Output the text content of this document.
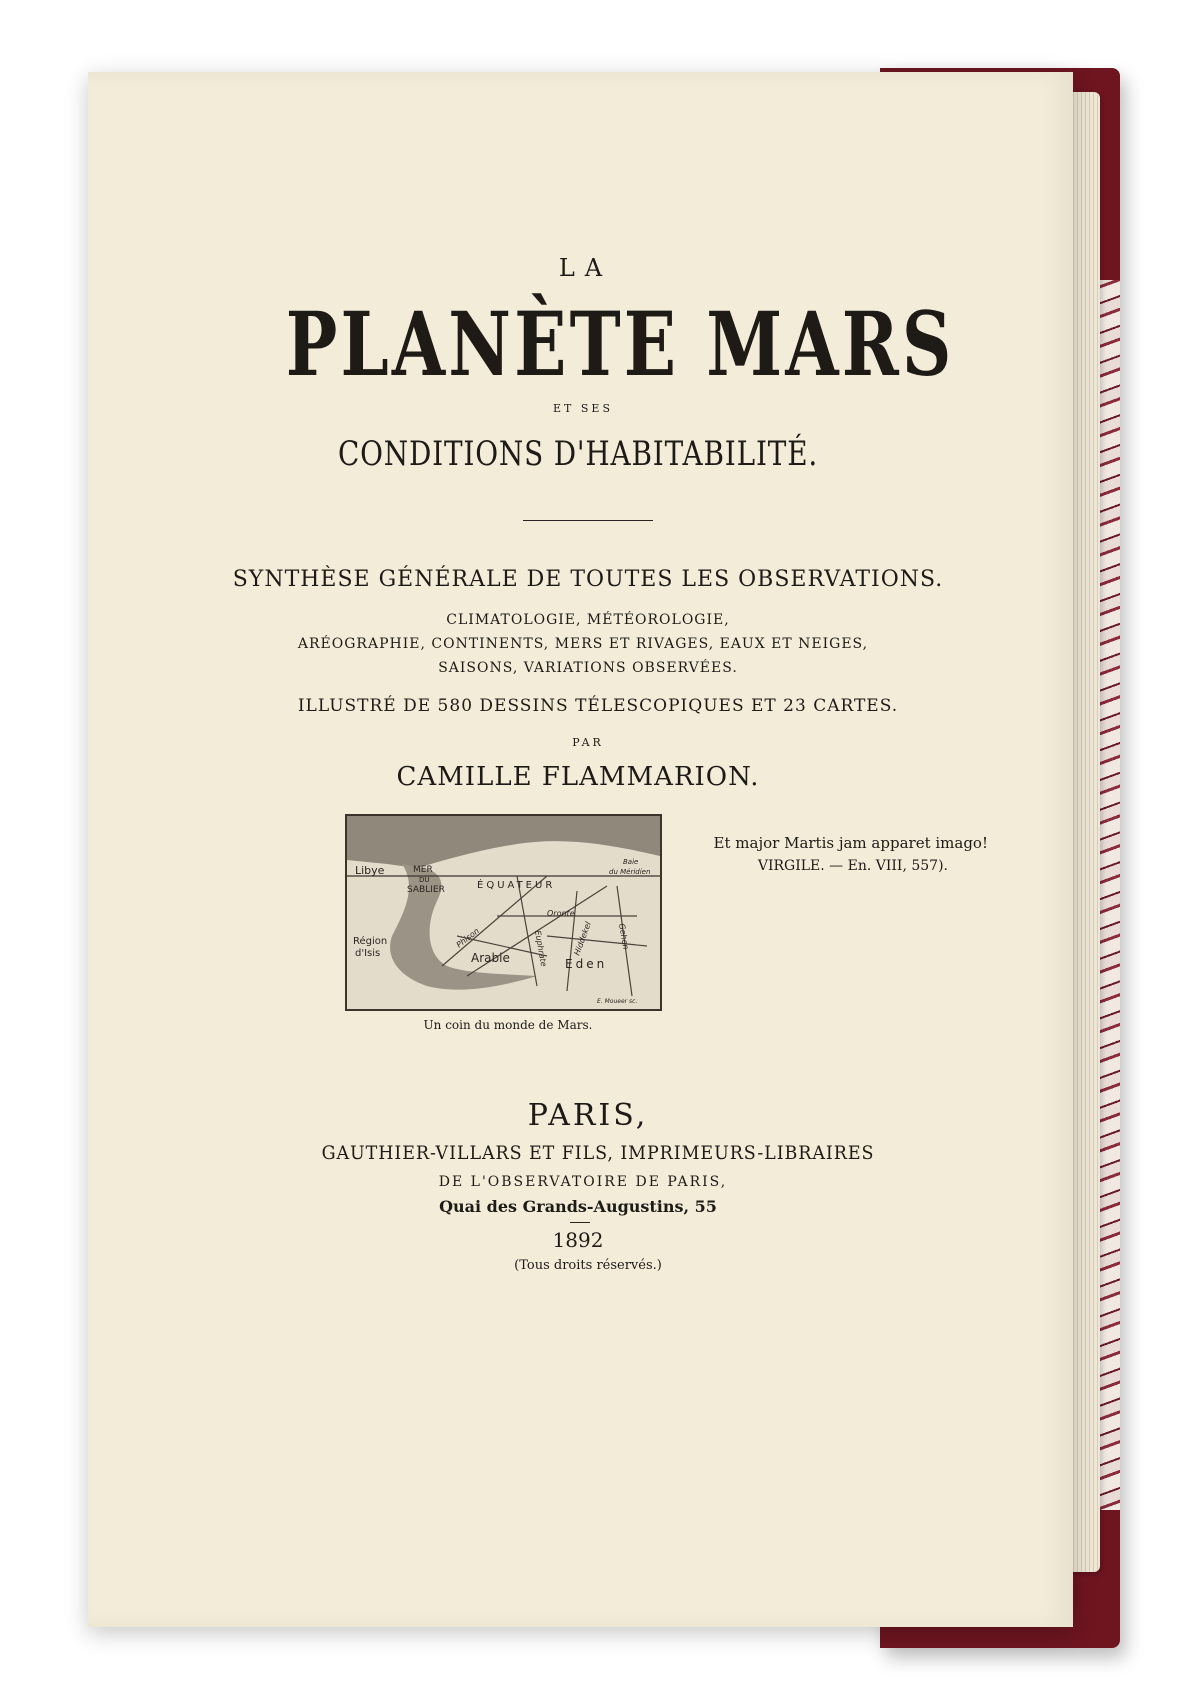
LA
PLANÈTE MARS
ET SES
CONDITIONS D'HABITABILITÉ.
SYNTHÈSE GÉNÉRALE DE TOUTES LES OBSERVATIONS.
CLIMATOLOGIE, MÉTÉOROLOGIE,
ARÉOGRAPHIE, CONTINENTS, MERS ET RIVAGES, EAUX ET NEIGES,
SAISONS, VARIATIONS OBSERVÉES.
ILLUSTRÉ DE 580 DESSINS TÉLESCOPIQUES ET 23 CARTES.
PAR
CAMILLE FLAMMARION.
Et major Martis jam apparet imago!
VIRGILE. — En. VIII, 557).
Libye	MER
DU
SABLIER	ÉQUATEUR
Baie
du Méridien
Région
d'Isis
Phison	Euphrate
Oronte
Hiddekel	Gehon
Arabie	Eden
E. Moueer sc.
Un coin du monde de Mars.
PARIS,
GAUTHIER-VILLARS ET FILS, IMPRIMEURS-LIBRAIRES
DE L'OBSERVATOIRE DE PARIS,
Quai des Grands-Augustins, 55
1892
(Tous droits réservés.)
